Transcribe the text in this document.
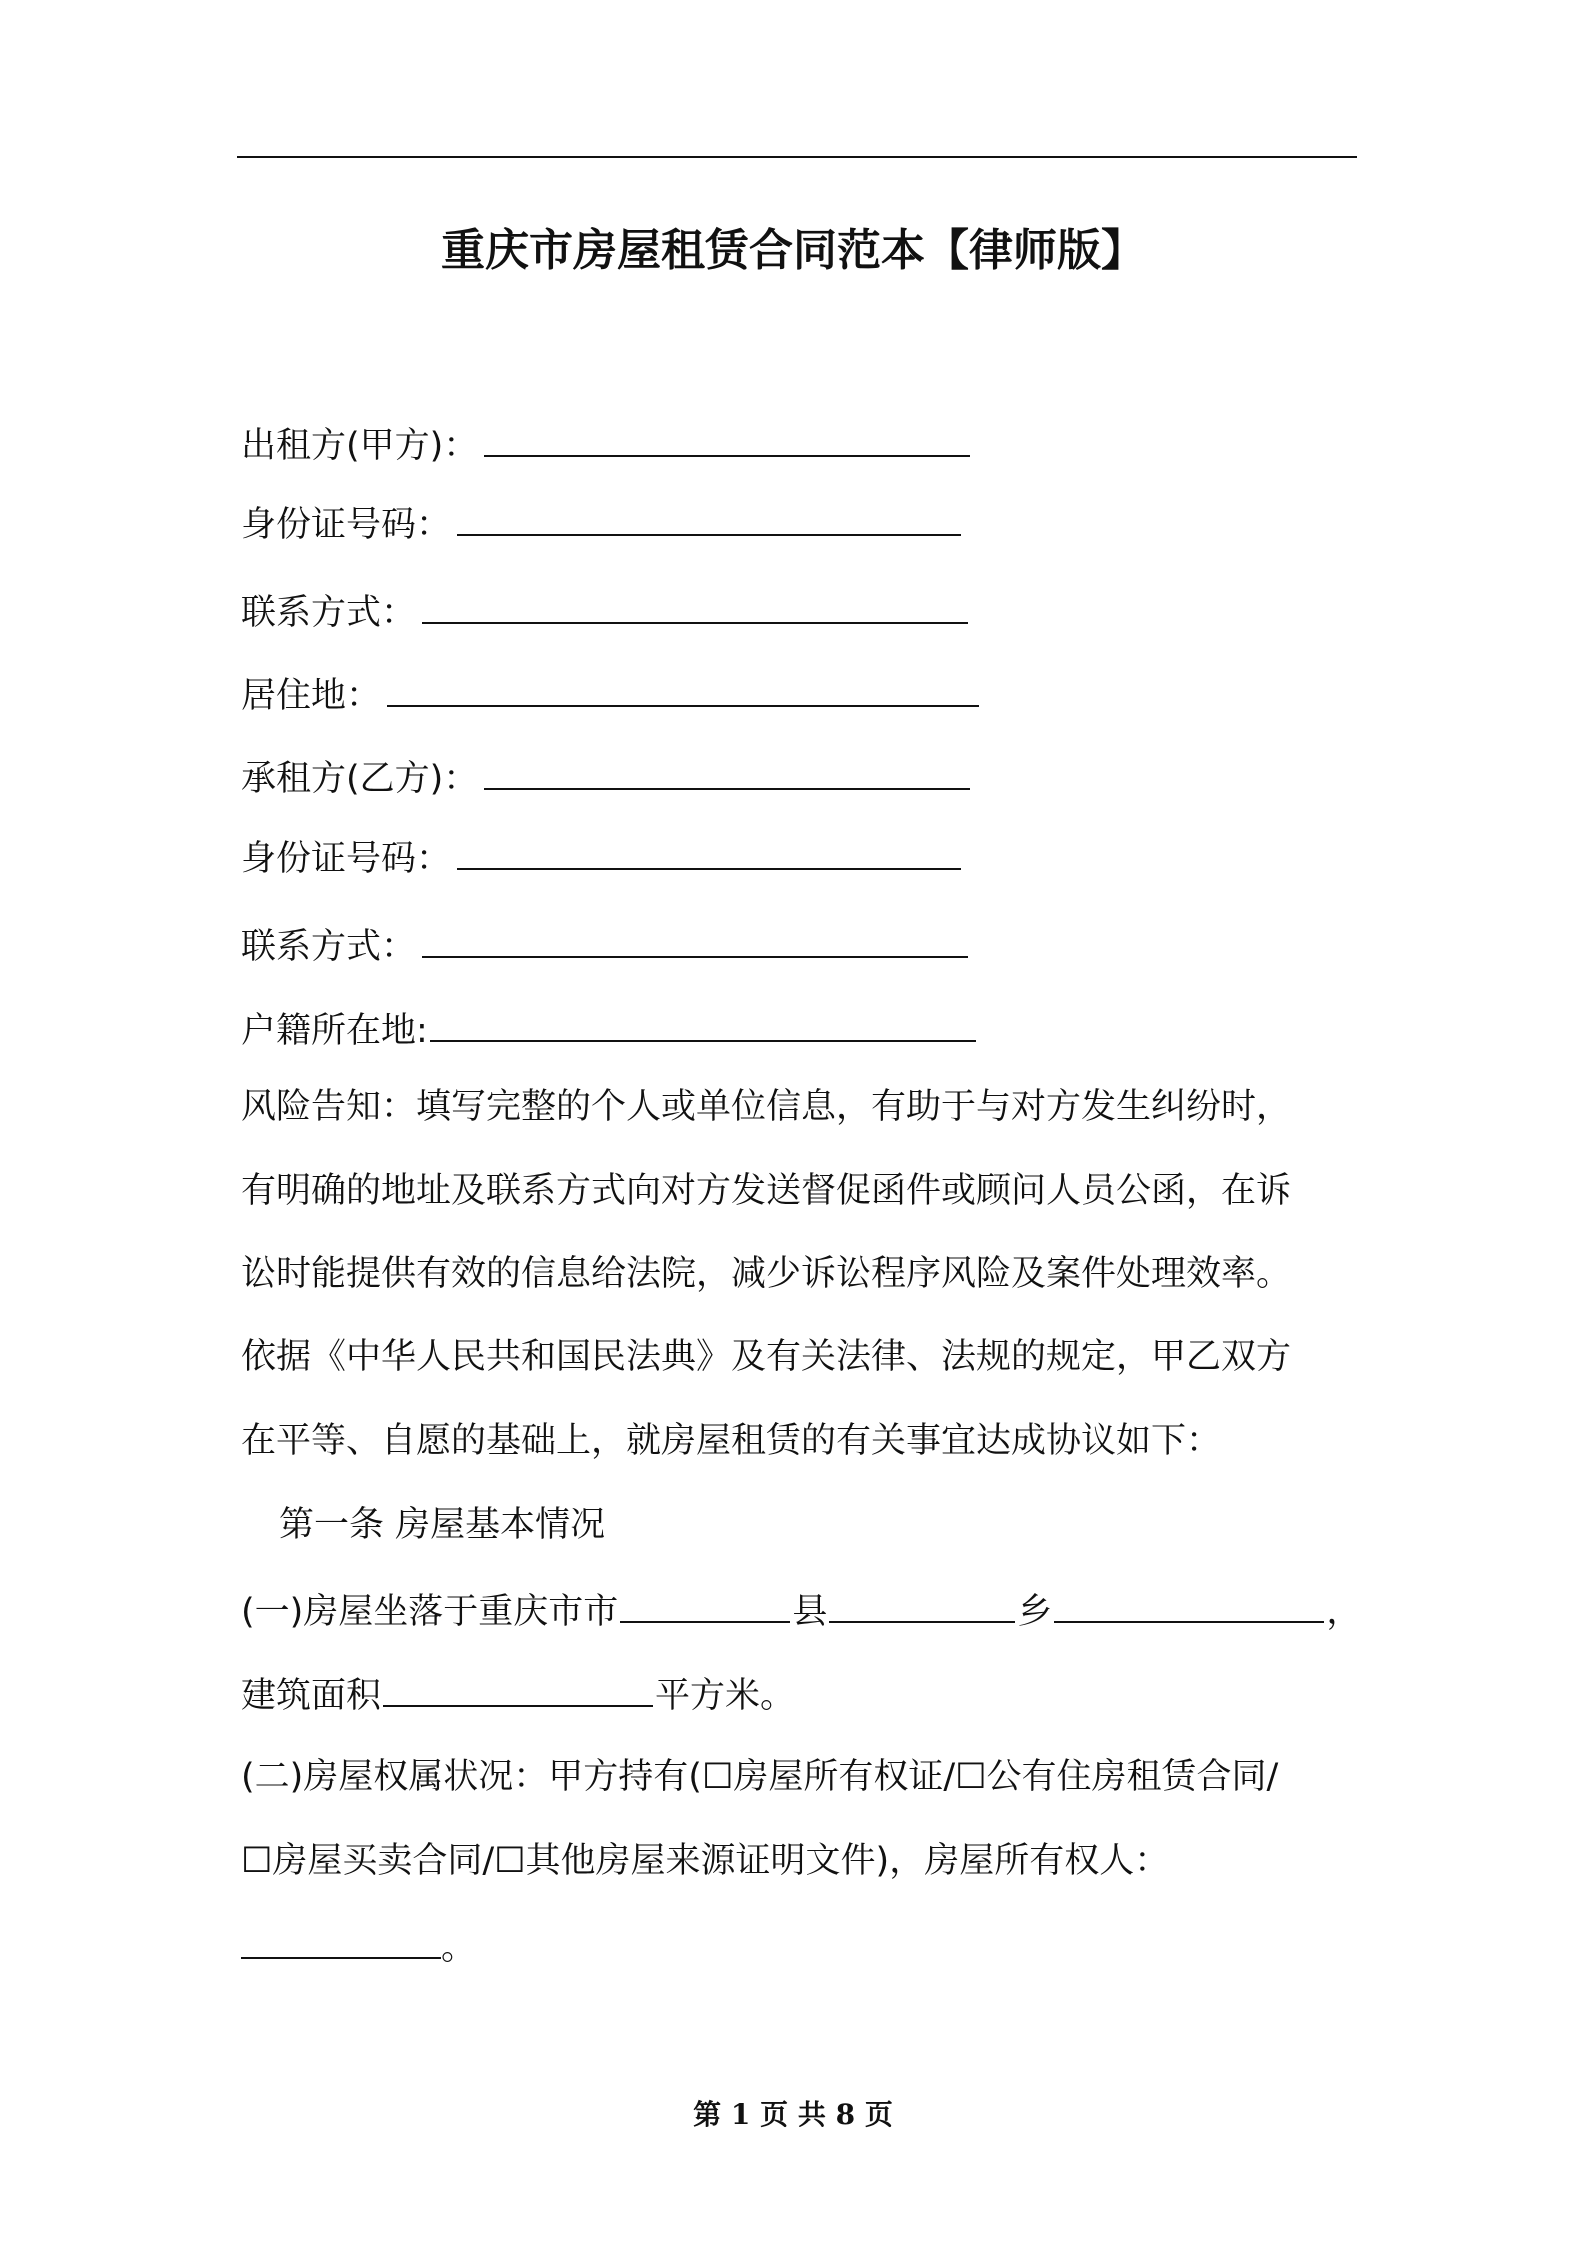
重庆市房屋租赁合同范本【律师版】
出租方(甲方)：
身份证号码：
联系方式：
居住地：
承租方(乙方)：
身份证号码：
联系方式：
户籍所在地:
风险告知：填写完整的个人或单位信息，有助于与对方发生纠纷时，
有明确的地址及联系方式向对方发送督促函件或顾问人员公函，在诉
讼时能提供有效的信息给法院，减少诉讼程序风险及案件处理效率。
依据《中华人民共和国民法典》及有关法律、法规的规定，甲乙双方
在平等、自愿的基础上，就房屋租赁的有关事宜达成协议如下：
第一条 房屋基本情况
(一)房屋坐落于重庆市市	县	乡	，
建筑面积	平方米。
(二)房屋权属状况：甲方持有(☐房屋所有权证/☐公有住房租赁合同/
☐房屋买卖合同/☐其他房屋来源证明文件)，房屋所有权人：
。
第 1 页 共 8 页
